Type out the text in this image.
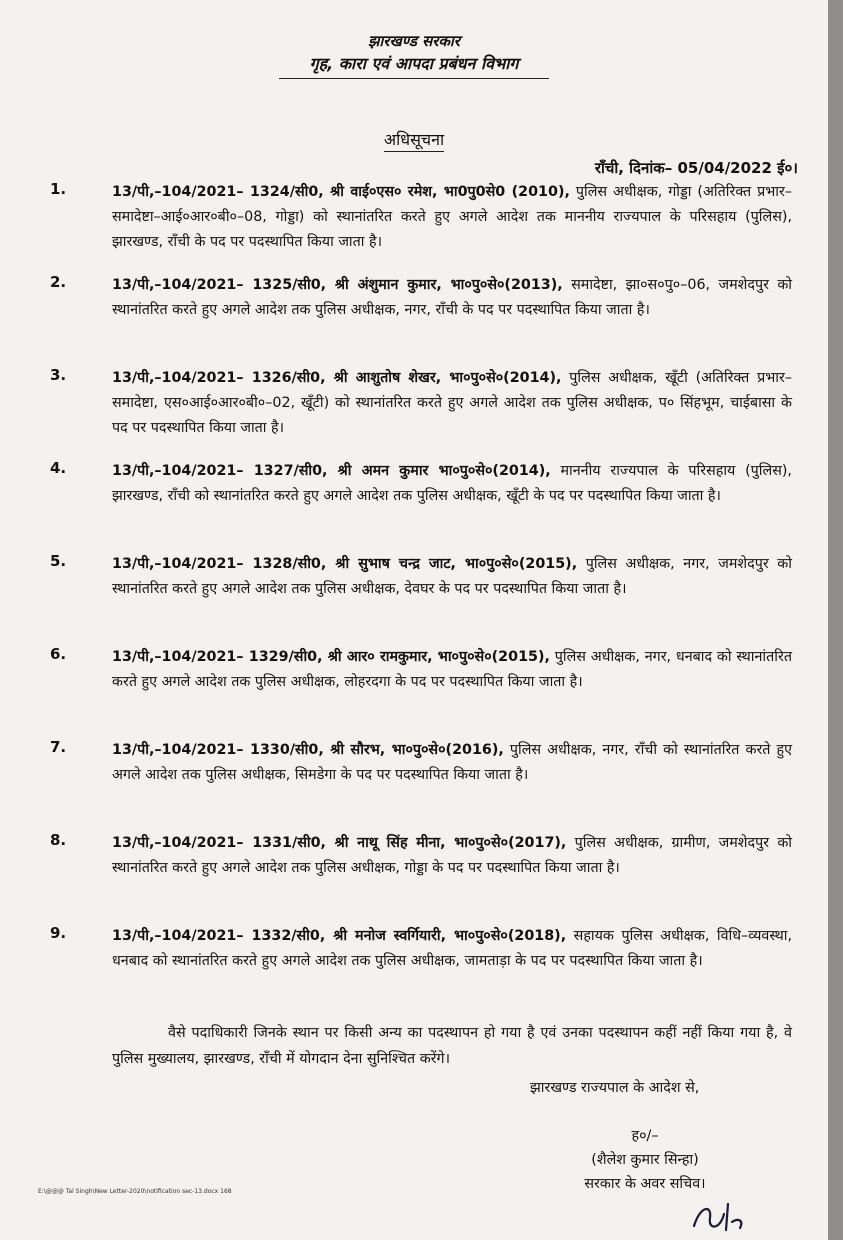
झारखण्ड सरकार
गृह, कारा एवं आपदा प्रबंधन विभाग
अधिसूचना
राँची, दिनांक– 05/04/2022 ई०।
1.	13/पी,–104/2021– 1324/सी0, श्री वाई०एस० रमेश, भा0पु0से0 (2010), पुलिस अधीक्षक, गोड्डा (अतिरिक्त प्रभार– समादेष्टा–आई०आर०बी०–08, गोड्डा) को स्थानांतरित करते हुए अगले आदेश तक माननीय राज्यपाल के परिसहाय (पुलिस), झारखण्ड, राँची के पद पर पदस्थापित किया जाता है।
2.	13/पी,–104/2021– 1325/सी0, श्री अंशुमान कुमार, भा०पु०से०(2013), समादेष्टा, झा०स०पु०–06, जमशेदपुर को स्थानांतरित करते हुए अगले आदेश तक पुलिस अधीक्षक, नगर, राँची के पद पर पदस्थापित किया जाता है।
3.	13/पी,–104/2021– 1326/सी0, श्री आशुतोष शेखर, भा०पु०से०(2014), पुलिस अधीक्षक, खूँटी (अतिरिक्त प्रभार–समादेष्टा, एस०आई०आर०बी०–02, खूँटी) को स्थानांतरित करते हुए अगले आदेश तक पुलिस अधीक्षक, प० सिंहभूम, चाईबासा के पद पर पदस्थापित किया जाता है।
4.	13/पी,–104/2021– 1327/सी0, श्री अमन कुमार भा०पु०से०(2014), माननीय राज्यपाल के परिसहाय (पुलिस), झारखण्ड, राँची को स्थानांतरित करते हुए अगले आदेश तक पुलिस अधीक्षक, खूँटी के पद पर पदस्थापित किया जाता है।
5.	13/पी,–104/2021– 1328/सी0, श्री सुभाष चन्द्र जाट, भा०पु०से०(2015), पुलिस अधीक्षक, नगर, जमशेदपुर को स्थानांतरित करते हुए अगले आदेश तक पुलिस अधीक्षक, देवघर के पद पर पदस्थापित किया जाता है।
6.	13/पी,–104/2021– 1329/सी0, श्री आर० रामकुमार, भा०पु०से०(2015), पुलिस अधीक्षक, नगर, धनबाद को स्थानांतरित करते हुए अगले आदेश तक पुलिस अधीक्षक, लोहरदगा के पद पर पदस्थापित किया जाता है।
7.	13/पी,–104/2021– 1330/सी0, श्री सौरभ, भा०पु०से०(2016), पुलिस अधीक्षक, नगर, राँची को स्थानांतरित करते हुए अगले आदेश तक पुलिस अधीक्षक, सिमडेगा के पद पर पदस्थापित किया जाता है।
8.	13/पी,–104/2021– 1331/सी0, श्री नाथू सिंह मीना, भा०पु०से०(2017), पुलिस अधीक्षक, ग्रामीण, जमशेदपुर को स्थानांतरित करते हुए अगले आदेश तक पुलिस अधीक्षक, गोड्डा के पद पर पदस्थापित किया जाता है।
9.	13/पी,–104/2021– 1332/सी0, श्री मनोज स्वर्गियारी, भा०पु०से०(2018), सहायक पुलिस अधीक्षक, विधि–व्यवस्था, धनबाद को स्थानांतरित करते हुए अगले आदेश तक पुलिस अधीक्षक, जामताड़ा के पद पर पदस्थापित किया जाता है।
वैसे पदाधिकारी जिनके स्थान पर किसी अन्य का पदस्थापन हो गया है एवं उनका पदस्थापन कहीं नहीं किया गया है, वे पुलिस मुख्यालय, झारखण्ड, राँची में योगदान देना सुनिश्चित करेंगे।
झारखण्ड राज्यपाल के आदेश से,
ह०/–
(शैलेश कुमार सिन्हा)
सरकार के अवर सचिव।
E:\@@@ Tal Singh\New Letter-2020\notification sec-13.docx 168
